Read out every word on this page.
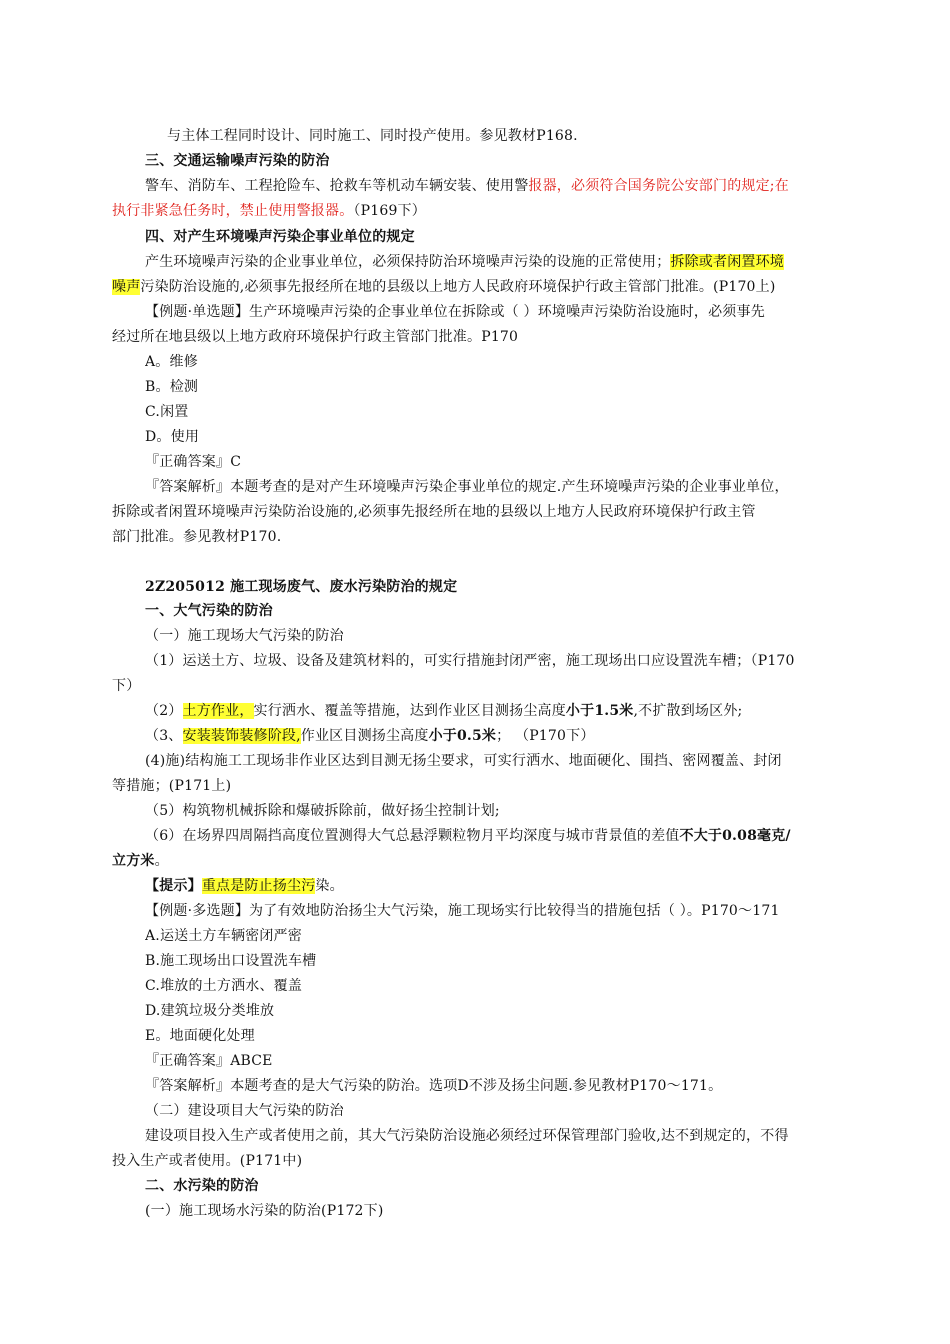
与主体工程同时设计、同时施工、同时投产使用。参见教材P168.
三、交通运输噪声污染的防治
警车、消防车、工程抢险车、抢救车等机动车辆安装、使用警报器，必须符合国务院公安部门的规定;在
执行非紧急任务时，禁止使用警报器。（P169下）
四、对产生环境噪声污染企事业单位的规定
产生环境噪声污染的企业事业单位，必须保持防治环境噪声污染的设施的正常使用；拆除或者闲置环境
噪声污染防治设施的,必须事先报经所在地的县级以上地方人民政府环境保护行政主管部门批准。(P170上)
【例题·单选题】生产环境噪声污染的企事业单位在拆除或（ ）环境噪声污染防治设施时，必须事先
经过所在地县级以上地方政府环境保护行政主管部门批准。P170
A。维修
B。检测
C.闲置
D。使用
『正确答案』C
『答案解析』本题考查的是对产生环境噪声污染企事业单位的规定.产生环境噪声污染的企业事业单位，
拆除或者闲置环境噪声污染防治设施的,必须事先报经所在地的县级以上地方人民政府环境保护行政主管
部门批准。参见教材P170.
2Z205012 施工现场废气、废水污染防治的规定
一、大气污染的防治
（一）施工现场大气污染的防治
（1）运送土方、垃圾、设备及建筑材料的，可实行措施封闭严密，施工现场出口应设置洗车槽；（P170
下）
（2）土方作业，实行洒水、覆盖等措施，达到作业区目测扬尘高度小于1.5米,不扩散到场区外;
（3、安装装饰装修阶段,作业区目测扬尘高度小于0.5米； （P170下）
(4)施)结构施工工现场非作业区达到目测无扬尘要求，可实行洒水、地面硬化、围挡、密网覆盖、封闭
等措施；(P171上)
（5）构筑物机械拆除和爆破拆除前，做好扬尘控制计划;
（6）在场界四周隔挡高度位置测得大气总悬浮颗粒物月平均深度与城市背景值的差值不大于0.08毫克/
立方米。
【提示】重点是防止扬尘污染。
【例题·多选题】为了有效地防治扬尘大气污染，施工现场实行比较得当的措施包括（ ）。P170～171
A.运送土方车辆密闭严密
B.施工现场出口设置洗车槽
C.堆放的土方洒水、覆盖
D.建筑垃圾分类堆放
E。地面硬化处理
『正确答案』ABCE
『答案解析』本题考查的是大气污染的防治。选项D不涉及扬尘问题.参见教材P170～171。
（二）建设项目大气污染的防治
建设项目投入生产或者使用之前，其大气污染防治设施必须经过环保管理部门验收,达不到规定的，不得
投入生产或者使用。(P171中)
二、水污染的防治
(一）施工现场水污染的防治(P172下)
